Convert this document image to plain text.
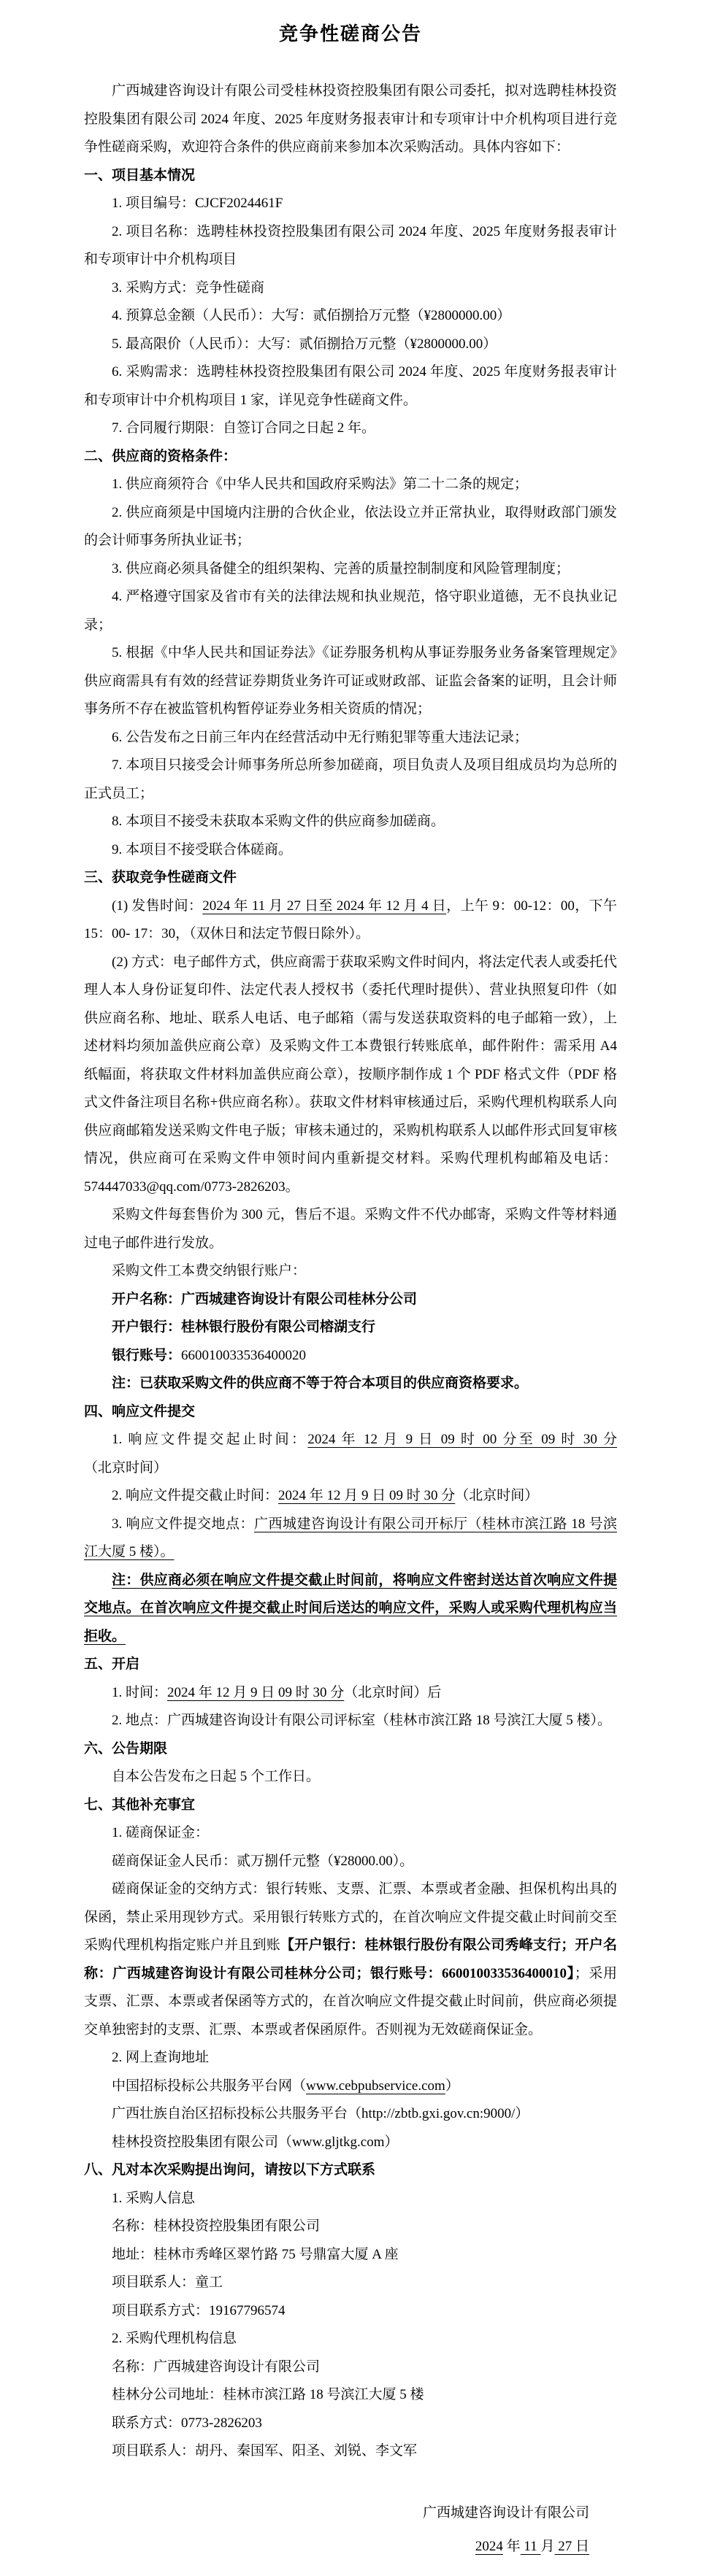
竞争性磋商公告

广西城建咨询设计有限公司受桂林投资控股集团有限公司委托，拟对选聘桂林投资控股集团有限公司 2024 年度、2025 年度财务报表审计和专项审计中介机构项目进行竞争性磋商采购，欢迎符合条件的供应商前来参加本次采购活动。具体内容如下：

一、项目基本情况

1. 项目编号：CJCF2024461F

2. 项目名称：选聘桂林投资控股集团有限公司 2024 年度、2025 年度财务报表审计和专项审计中介机构项目

3. 采购方式：竞争性磋商

4. 预算总金额（人民币）：大写：贰佰捌拾万元整（¥2800000.00）

5. 最高限价（人民币）：大写：贰佰捌拾万元整（¥2800000.00）

6. 采购需求：选聘桂林投资控股集团有限公司 2024 年度、2025 年度财务报表审计和专项审计中介机构项目 1 家，详见竞争性磋商文件。

7. 合同履行期限：自签订合同之日起 2 年。

二、供应商的资格条件：

1. 供应商须符合《中华人民共和国政府采购法》第二十二条的规定；

2. 供应商须是中国境内注册的合伙企业，依法设立并正常执业，取得财政部门颁发的会计师事务所执业证书；

3. 供应商必须具备健全的组织架构、完善的质量控制制度和风险管理制度；

4. 严格遵守国家及省市有关的法律法规和执业规范，恪守职业道德，无不良执业记录；

5. 根据《中华人民共和国证券法》《证券服务机构从事证券服务业务备案管理规定》供应商需具有有效的经营证券期货业务许可证或财政部、证监会备案的证明，且会计师事务所不存在被监管机构暂停证券业务相关资质的情况；

6. 公告发布之日前三年内在经营活动中无行贿犯罪等重大违法记录；

7. 本项目只接受会计师事务所总所参加磋商，项目负责人及项目组成员均为总所的正式员工；

8. 本项目不接受未获取本采购文件的供应商参加磋商。

9. 本项目不接受联合体磋商。

三、获取竞争性磋商文件

(1) 发售时间：2024 年 11 月 27 日至 2024 年 12 月 4 日，上午 9：00-12：00，下午 15：00- 17：30，（双休日和法定节假日除外）。

(2) 方式：电子邮件方式，供应商需于获取采购文件时间内，将法定代表人或委托代理人本人身份证复印件、法定代表人授权书（委托代理时提供）、营业执照复印件（如供应商名称、地址、联系人电话、电子邮箱（需与发送获取资料的电子邮箱一致），上述材料均须加盖供应商公章）及采购文件工本费银行转账底单，邮件附件：需采用 A4 纸幅面，将获取文件材料加盖供应商公章），按顺序制作成 1 个 PDF 格式文件（PDF 格式文件备注项目名称+供应商名称）。获取文件材料审核通过后，采购代理机构联系人向供应商邮箱发送采购文件电子版；审核未通过的，采购机构联系人以邮件形式回复审核情况，供应商可在采购文件申领时间内重新提交材料。采购代理机构邮箱及电话：574447033@qq.com/0773-2826203。

采购文件每套售价为 300 元，售后不退。采购文件不代办邮寄，采购文件等材料通过电子邮件进行发放。

采购文件工本费交纳银行账户：

开户名称：广西城建咨询设计有限公司桂林分公司

开户银行：桂林银行股份有限公司榕湖支行

银行账号：660010033536400020

注：已获取采购文件的供应商不等于符合本项目的供应商资格要求。

四、响应文件提交

1. 响应文件提交起止时间：2024 年 12 月 9 日 09 时 00 分至 09 时 30 分（北京时间）

2. 响应文件提交截止时间：2024 年 12 月 9 日 09 时 30 分（北京时间）

3. 响应文件提交地点：广西城建咨询设计有限公司开标厅（桂林市滨江路 18 号滨江大厦 5 楼）。

注：供应商必须在响应文件提交截止时间前，将响应文件密封送达首次响应文件提交地点。在首次响应文件提交截止时间后送达的响应文件，采购人或采购代理机构应当拒收。

五、开启

1. 时间：2024 年 12 月 9 日 09 时 30 分（北京时间）后

2. 地点：广西城建咨询设计有限公司评标室（桂林市滨江路 18 号滨江大厦 5 楼）。

六、公告期限

自本公告发布之日起 5 个工作日。

七、其他补充事宜

1. 磋商保证金：

磋商保证金人民币：贰万捌仟元整（¥28000.00）。

磋商保证金的交纳方式：银行转账、支票、汇票、本票或者金融、担保机构出具的保函，禁止采用现钞方式。采用银行转账方式的，在首次响应文件提交截止时间前交至采购代理机构指定账户并且到账【开户银行：桂林银行股份有限公司秀峰支行；开户名称：广西城建咨询设计有限公司桂林分公司；银行账号：660010033536400010】；采用支票、汇票、本票或者保函等方式的，在首次响应文件提交截止时间前，供应商必须提交单独密封的支票、汇票、本票或者保函原件。否则视为无效磋商保证金。

2. 网上查询地址

中国招标投标公共服务平台网（www.cebpubservice.com）

广西壮族自治区招标投标公共服务平台（http://zbtb.gxi.gov.cn:9000/）

桂林投资控股集团有限公司（www.gljtkg.com）

八、凡对本次采购提出询问，请按以下方式联系

1. 采购人信息

名称：桂林投资控股集团有限公司

地址：桂林市秀峰区翠竹路 75 号鼎富大厦 A 座

项目联系人：童工

项目联系方式：19167796574

2. 采购代理机构信息

名称：广西城建咨询设计有限公司

桂林分公司地址：桂林市滨江路 18 号滨江大厦 5 楼

联系方式：0773-2826203

项目联系人：胡丹、秦国军、阳圣、刘锐、李文军

广西城建咨询设计有限公司

2024 年 11 月 27 日
